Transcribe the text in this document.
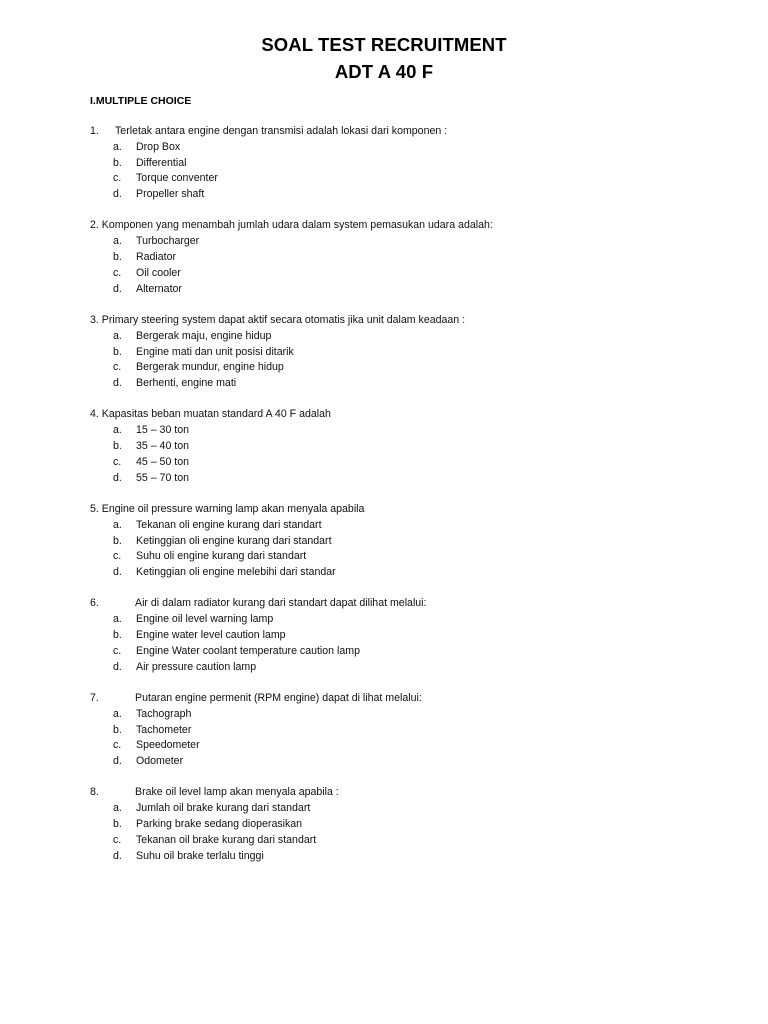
SOAL TEST RECRUITMENT
ADT A 40 F
I.MULTIPLE CHOICE
1. Terletak antara engine dengan transmisi adalah lokasi dari komponen :
a. Drop Box
b. Differential
c. Torque conventer
d. Propeller shaft
2. Komponen yang menambah jumlah udara dalam system pemasukan udara adalah:
a. Turbocharger
b. Radiator
c. Oil cooler
d. Alternator
3. Primary steering system dapat aktif secara otomatis jika unit dalam keadaan :
a. Bergerak maju, engine hidup
b. Engine mati dan unit posisi ditarik
c. Bergerak mundur, engine hidup
d. Berhenti, engine mati
4. Kapasitas beban muatan standard A 40 F adalah
a. 15 – 30 ton
b. 35 – 40 ton
c. 45 – 50 ton
d. 55 – 70 ton
5. Engine oil pressure warning lamp akan menyala apabila
a. Tekanan oli engine kurang dari standart
b. Ketinggian oli engine kurang dari standart
c. Suhu oli engine kurang dari standart
d. Ketinggian oli engine melebihi dari standar
6.	Air di dalam radiator kurang dari standart dapat dilihat melalui:
a. Engine oil level warning lamp
b. Engine water level caution lamp
c. Engine Water coolant temperature caution lamp
d. Air pressure caution lamp
7.	Putaran engine permenit (RPM engine) dapat di lihat melalui:
a. Tachograph
b. Tachometer
c. Speedometer
d. Odometer
8.	Brake oil level lamp akan menyala apabila :
a. Jumlah oil brake kurang dari standart
b. Parking brake sedang dioperasikan
c. Tekanan oil brake kurang dari standart
d. Suhu oil brake terlalu tinggi
